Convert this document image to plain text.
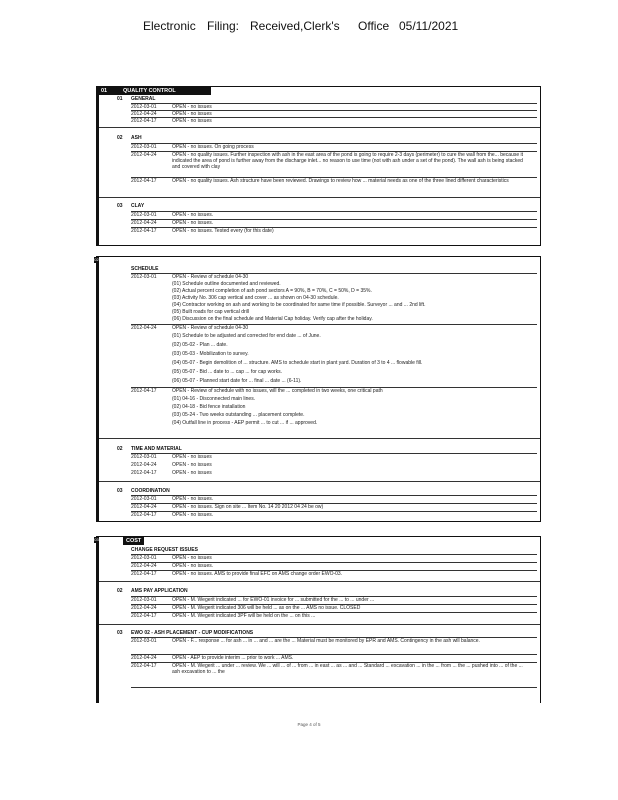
Electronic Filing: Received,Clerk's Office 05/11/2021
01	QUALITY CONTROL
01 GENERAL
2012-03-01	OPEN - no issues
2012-04-24	OPEN - no issues
2012-04-17	OPEN - no issues
02 ASH
2012-03-01	OPEN - no issues. On going process
2012-04-24	OPEN - no quality issues. Further inspection with ash in the east area of the pond is going to require 2-3 days (perimeter) to cure the wall from the... because it indicated the area of pond is further away from the discharge inlet... no reason to use time (not with ash under a set of the pond). The wall ash is being stacked and covered with clay
2012-04-17	OPEN - no quality issues. Ash structure have been reviewed. Drawings to review how ... material needs as one of the three lined different characteristics
03 CLAY
2012-03-01	OPEN - no issues.
2012-04-24	OPEN - no issues.
2012-04-17	OPEN - no issues. Tested every (for this date)
02
SCHEDULE
2012-03-01	OPEN - Review of schedule 04-30
(01) Schedule outline documented and reviewed.
(02) Actual percent completion of ash pond sectors A = 90%, B = 70%, C = 50%, D = 35%.
(03) Activity No. 306 cap vertical and cover ... as shown on 04-30 schedule.
(04) Contractor working on ash and working to be coordinated for same time if possible. Surveyor ... and ... 2nd lift.
(05) Built roads for cap vertical drill
(06) Discussion on the final schedule and Material Cap holiday. Verify cap after the holiday.
2012-04-24	OPEN - Review of schedule 04-30
(01) Schedule to be adjusted and corrected for end date ... of June.
(02) 05-02 - Plan ... date.
(03) 05-03 - Mobilization to survey.
(04) 05-07 - Begin demolition of ... structure. AMS to schedule start in plant yard. Duration of 3 to 4 ... flowable fill.
(05) 05-07 - Bid ... date to ... cap ... for cap works.
(06) 05-07 - Planned start date for ... final ... date ... (6-11).
2012-04-17	OPEN - Review of schedule with no issues, will the ... completed in two weeks, one critical path
(01) 04-16 - Disconnected main lines.
(02) 04-18 - Bid fence installation
(03) 05-24 - Two weeks outstanding ... placement complete.
(04) Outfall line in process - AEP permit ... to cut ... if ... approved.
02 TIME AND MATERIAL
2012-03-01	OPEN - no issues
2012-04-24	OPEN - no issues
2012-04-17	OPEN - no issues
03 COORDINATION
2012-03-01	OPEN - no issues.
2012-04-24	OPEN - no issues. Sign on site ... Item No. 14 20 2012 04 24 be ow)
2012-04-17	OPEN - no issues.
03	COST
CHANGE REQUEST ISSUES
2012-03-01	OPEN - no issues
2012-04-24	OPEN - no issues.
2012-04-17	OPEN - no issues. AMS to provide final EFC on AMS change order EWO-03.
02 AMS PAY APPLICATION
2012-03-01	OPEN - M. Wegerit indicated ... for EWO-01 invoice for ... submitted for the ... to ... under ...
2012-04-24	OPEN - M. Wegerit indicated 306 will be held ... as on the ... AMS no issue. CLOSED
2012-04-17	OPEN - M. Wegerit indicated 3PF will be held on the ... on this ...
03 EWO 02 - ASH PLACEMENT - CUP MODIFICATIONS
2012-03-01	OPEN - F... response ... for ash ... in ... and ... are the ... Material must be monitored by EPR and AMS. Contingency in the ash will balance.
2012-04-24	OPEN - AEP to provide interim ... prior to work ... AMS.
2012-04-17	OPEN - M. Wegerit ... under ... review. We ... will ... of ... from ... in east ... as ... and ... Standard ... excavation ... in the ... from ... the ... pushed into ... of the ... ash excavation to ... the
Page 4 of 5
